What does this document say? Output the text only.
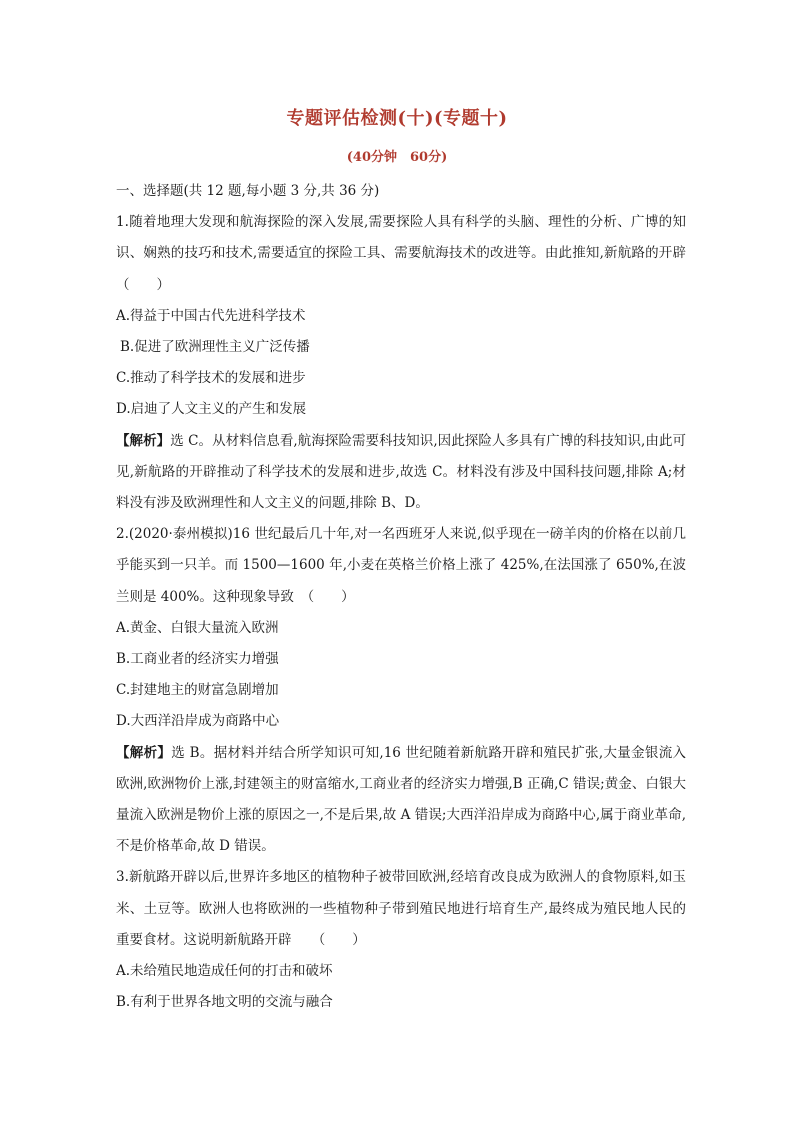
专题评估检测(十)(专题十)
(40分钟　60分)

一、选择题(共 12 题,每小题 3 分,共 36 分)

1.随着地理大发现和航海探险的深入发展,需要探险人具有科学的头脑、理性的分析、广博的知识、娴熟的技巧和技术,需要适宜的探险工具、需要航海技术的改进等。由此推知,新航路的开辟　（　　）

A.得益于中国古代先进科学技术

B.促进了欧洲理性主义广泛传播

C.推动了科学技术的发展和进步

D.启迪了人文主义的产生和发展

【解析】选 C。从材料信息看,航海探险需要科技知识,因此探险人多具有广博的科技知识,由此可见,新航路的开辟推动了科学技术的发展和进步,故选 C。材料没有涉及中国科技问题,排除 A;材料没有涉及欧洲理性和人文主义的问题,排除 B、D。

2.(2020·泰州模拟)16 世纪最后几十年,对一名西班牙人来说,似乎现在一磅羊肉的价格在以前几乎能买到一只羊。而 1500—1600 年,小麦在英格兰价格上涨了 425%,在法国涨了 650%,在波兰则是 400%。这种现象导致　（　　）

A.黄金、白银大量流入欧洲

B.工商业者的经济实力增强

C.封建地主的财富急剧增加

D.大西洋沿岸成为商路中心

【解析】选 B。据材料并结合所学知识可知,16 世纪随着新航路开辟和殖民扩张,大量金银流入欧洲,欧洲物价上涨,封建领主的财富缩水,工商业者的经济实力增强,B 正确,C 错误;黄金、白银大量流入欧洲是物价上涨的原因之一,不是后果,故 A 错误;大西洋沿岸成为商路中心,属于商业革命,不是价格革命,故 D 错误。

3.新航路开辟以后,世界许多地区的植物种子被带回欧洲,经培育改良成为欧洲人的食物原料,如玉米、土豆等。欧洲人也将欧洲的一些植物种子带到殖民地进行培育生产,最终成为殖民地人民的重要食材。这说明新航路开辟　　（　　）

A.未给殖民地造成任何的打击和破坏

B.有利于世界各地文明的交流与融合
